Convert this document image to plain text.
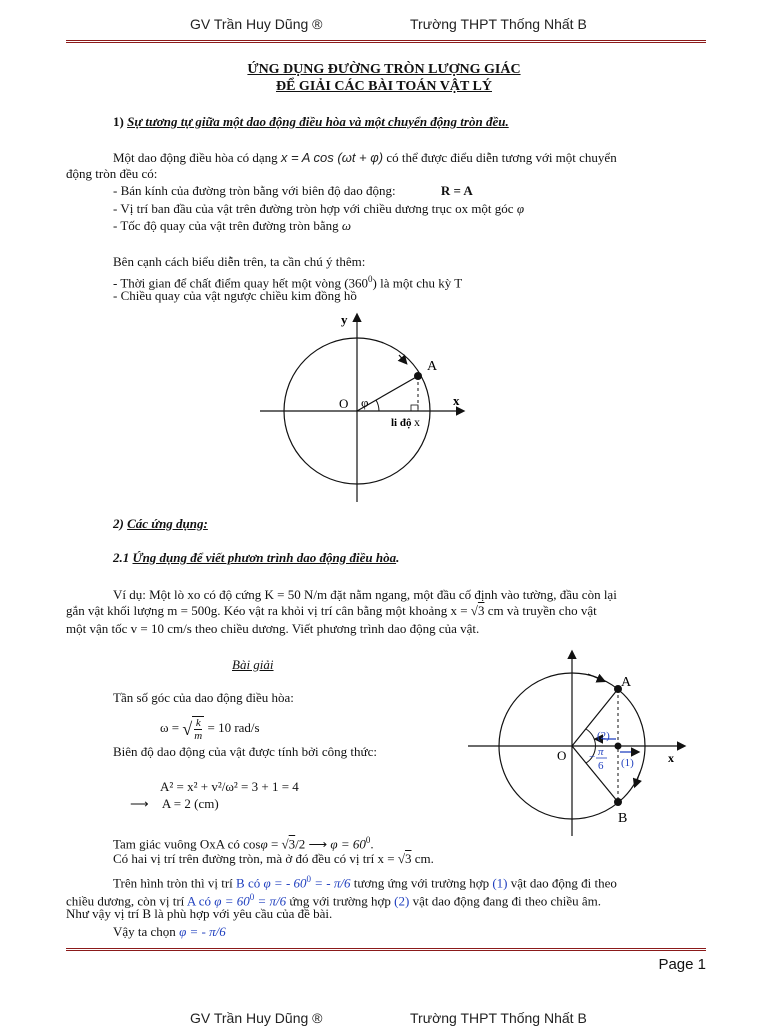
GV Trần Huy Dũng ®	Trường THPT Thống Nhất B
ỨNG DỤNG ĐƯỜNG TRÒN LƯỢNG GIÁC
ĐỂ GIẢI CÁC BÀI TOÁN VẬT LÝ
1) Sự tương tự giữa một dao động điều hòa và một chuyển động tròn đều.
Một dao động điều hòa có dạng x = A cos (ωt + φ) có thể được điểu diễn tương với một chuyển
động tròn đều có:
- Bán kính của đường tròn bằng với biên độ dao động:	R = A
- Vị trí ban đầu của vật trên đường tròn hợp với chiều dương trục ox một góc φ
- Tốc độ quay của vật trên đường tròn bằng ω
Bên cạnh cách biểu diễn trên, ta cần chú ý thêm:
- Thời gian để chất điểm quay hết một vòng $(360^0)$ là một chu kỳ T
- Chiều quay của vật ngược chiều kim đồng hồ
y
x
O
A
φ
li độ x
2) Các ứng dụng:
2.1 Ứng dụng để viết phươn trình dao động điều hòa.
Ví dụ: Một lò xo có độ cứng K = 50 N/m đặt nằm ngang, một đầu cố định vào tường, đầu còn lại
gắn vật khối lượng m = 500g. Kéo vật ra khỏi vị trí cân bằng một khoảng x = √3 cm và truyền cho vật
một vận tốc v = 10 cm/s theo chiều dương. Viết phương trình dao động của vật.
Bài giải
Tần số góc của dao động điều hòa:
ω = √ $\frac{k}{m} = 10$ rad/s
Biên độ dao động của vật được tính bởi công thức:
A² = x² + v²/ω² = 3 + 1 = 4
⟶ A = 2 (cm)
Tam giác vuông OxA có cosφ = √3/2 ⟶ $\varphi = 60^0$.
Có hai vị trí trên đường tròn, mà ở đó đều có vị trí x = √3 cm.
Trên hình tròn thì vị trí B có φ = - $60^0$ = - π/6 tương ứng với trường hợp (1) vật dao động đi theo
chiều dương, còn vị trí A có $\varphi = 60^0 = \pi/6$ ứng với trường hợp (2) vật dao động đang đi theo chiều âm.
Như vậy vị trí B là phù hợp với yêu cầu của đề bài.
Vậy ta chọn φ = - π/6
O	x
A
B
(2)
(1)
− π
6
Page 1
GV Trần Huy Dũng ®	Trường THPT Thống Nhất B
